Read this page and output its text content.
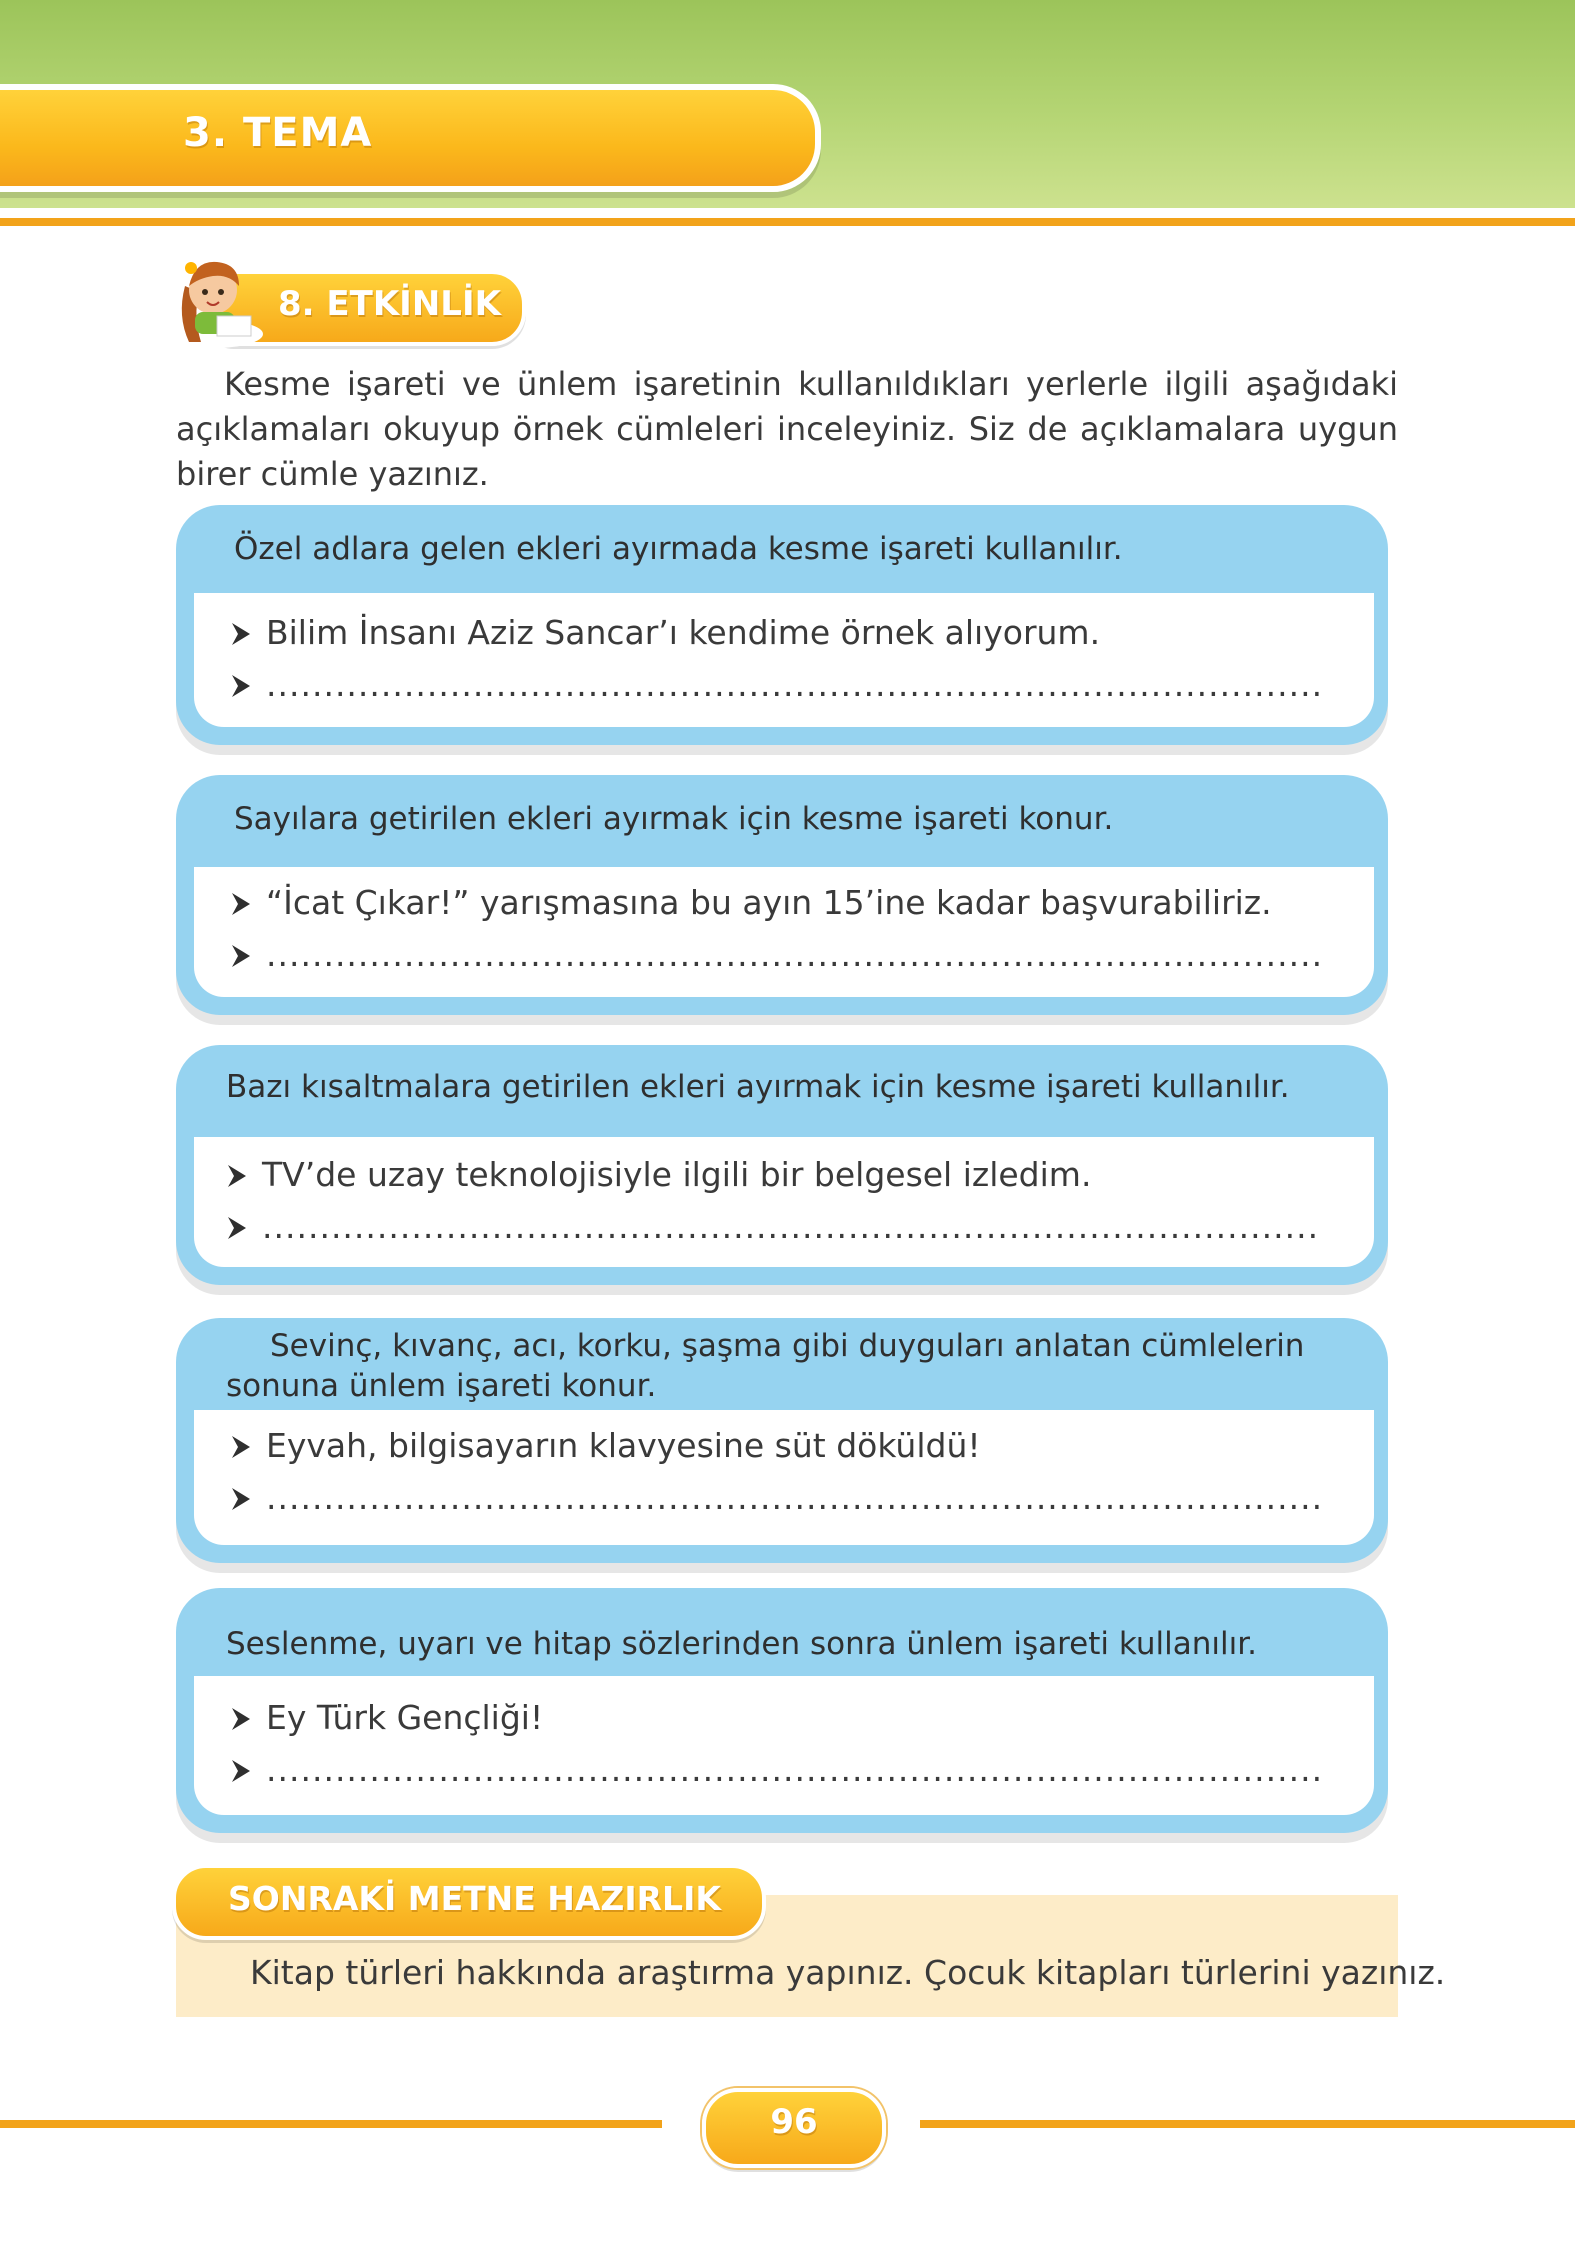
3. TEMA
8. ETKİNLİK

Kesme işareti ve ünlem işaretinin kullanıldıkları yerlerle ilgili aşağıdaki açıklamaları okuyup örnek cümleleri inceleyiniz. Siz de açıklamalara uygun birer cümle yazınız.

Özel adlara gelen ekleri ayırmada kesme işareti kullanılır.
Bilim İnsanı Aziz Sancar’ı kendime örnek alıyorum.
............................................................................................
Sayılara getirilen ekleri ayırmak için kesme işareti konur.
“İcat Çıkar!” yarışmasına bu ayın 15’ine kadar başvurabiliriz.
............................................................................................
Bazı kısaltmalara getirilen ekleri ayırmak için kesme işareti kullanılır.
TV’de uzay teknolojisiyle ilgili bir belgesel izledim.
............................................................................................
Sevinç, kıvanç, acı, korku, şaşma gibi duyguları anlatan cümlelerin sonuna ünlem işareti konur.
Eyvah, bilgisayarın klavyesine süt döküldü!
............................................................................................
Seslenme, uyarı ve hitap sözlerinden sonra ünlem işareti kullanılır.
Ey Türk Gençliği!
............................................................................................
SONRAKİ METNE HAZIRLIK
Kitap türleri hakkında araştırma yapınız. Çocuk kitapları türlerini yazınız.
96
